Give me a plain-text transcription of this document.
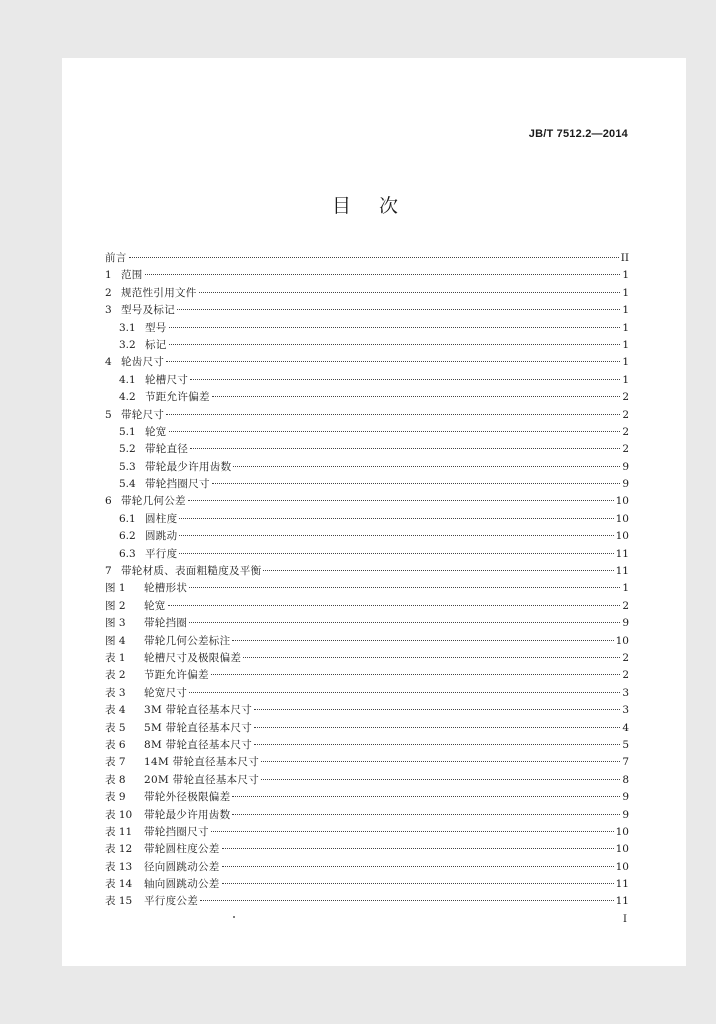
JB/T 7512.2—2014
目次
前言	II
1 范围	1
2 规范性引用文件	1
3 型号及标记	1
3.1 型号	1
3.2 标记	1
4 轮齿尺寸	1
4.1 轮槽尺寸	1
4.2 节距允许偏差	2
5 带轮尺寸	2
5.1 轮宽	2
5.2 带轮直径	2
5.3 带轮最少许用齿数	9
5.4 带轮挡圈尺寸	9
6 带轮几何公差	10
6.1 圆柱度	10
6.2 圆跳动	10
6.3 平行度	11
7 带轮材质、表面粗糙度及平衡	11
图 1	轮槽形状	1
图 2	轮宽	2
图 3	带轮挡圈	9
图 4	带轮几何公差标注	10
表 1	轮槽尺寸及极限偏差	2
表 2	节距允许偏差	2
表 3	轮宽尺寸	3
表 4	3M 带轮直径基本尺寸	3
表 5	5M 带轮直径基本尺寸	4
表 6	8M 带轮直径基本尺寸	5
表 7	14M 带轮直径基本尺寸	7
表 8	20M 带轮直径基本尺寸	8
表 9	带轮外径极限偏差	9
表 10	带轮最少许用齿数	9
表 11	带轮挡圈尺寸	10
表 12	带轮圆柱度公差	10
表 13	径向圆跳动公差	10
表 14	轴向圆跳动公差	11
表 15	平行度公差	11
I
